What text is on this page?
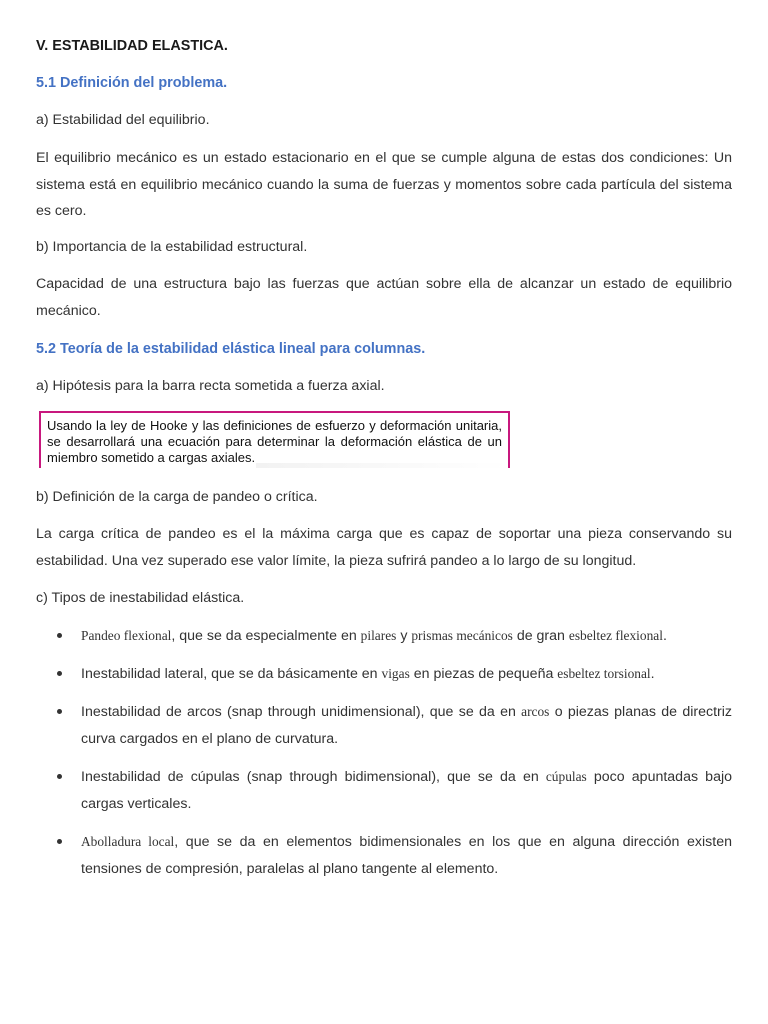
V. ESTABILIDAD ELASTICA.
5.1 Definición del problema.
a) Estabilidad del equilibrio.
El equilibrio mecánico es un estado estacionario en el que se cumple alguna de estas dos condiciones: Un sistema está en equilibrio mecánico cuando la suma de fuerzas y momentos sobre cada partícula del sistema es cero.
b) Importancia de la estabilidad estructural.
Capacidad de una estructura bajo las fuerzas que actúan sobre ella de alcanzar un estado de equilibrio mecánico.
5.2 Teoría de la estabilidad elástica lineal para columnas.
a) Hipótesis para la barra recta sometida a fuerza axial.
Usando la ley de Hooke y las definiciones de esfuerzo y deformación unitaria, se desarrollará una ecuación para determinar la deformación elástica de un miembro sometido a cargas axiales.
b) Definición de la carga de pandeo o crítica.
La carga crítica de pandeo es el la máxima carga que es capaz de soportar una pieza conservando su estabilidad. Una vez superado ese valor límite, la pieza sufrirá pandeo a lo largo de su longitud.
c) Tipos de inestabilidad elástica.
Pandeo flexional, que se da especialmente en pilares y prismas mecánicos de gran esbeltez flexional.
Inestabilidad lateral, que se da básicamente en vigas en piezas de pequeña esbeltez torsional.
Inestabilidad de arcos (snap through unidimensional), que se da en arcos o piezas planas de directriz curva cargados en el plano de curvatura.
Inestabilidad de cúpulas (snap through bidimensional), que se da en cúpulas poco apuntadas bajo cargas verticales.
Abolladura local, que se da en elementos bidimensionales en los que en alguna dirección existen tensiones de compresión, paralelas al plano tangente al elemento.
